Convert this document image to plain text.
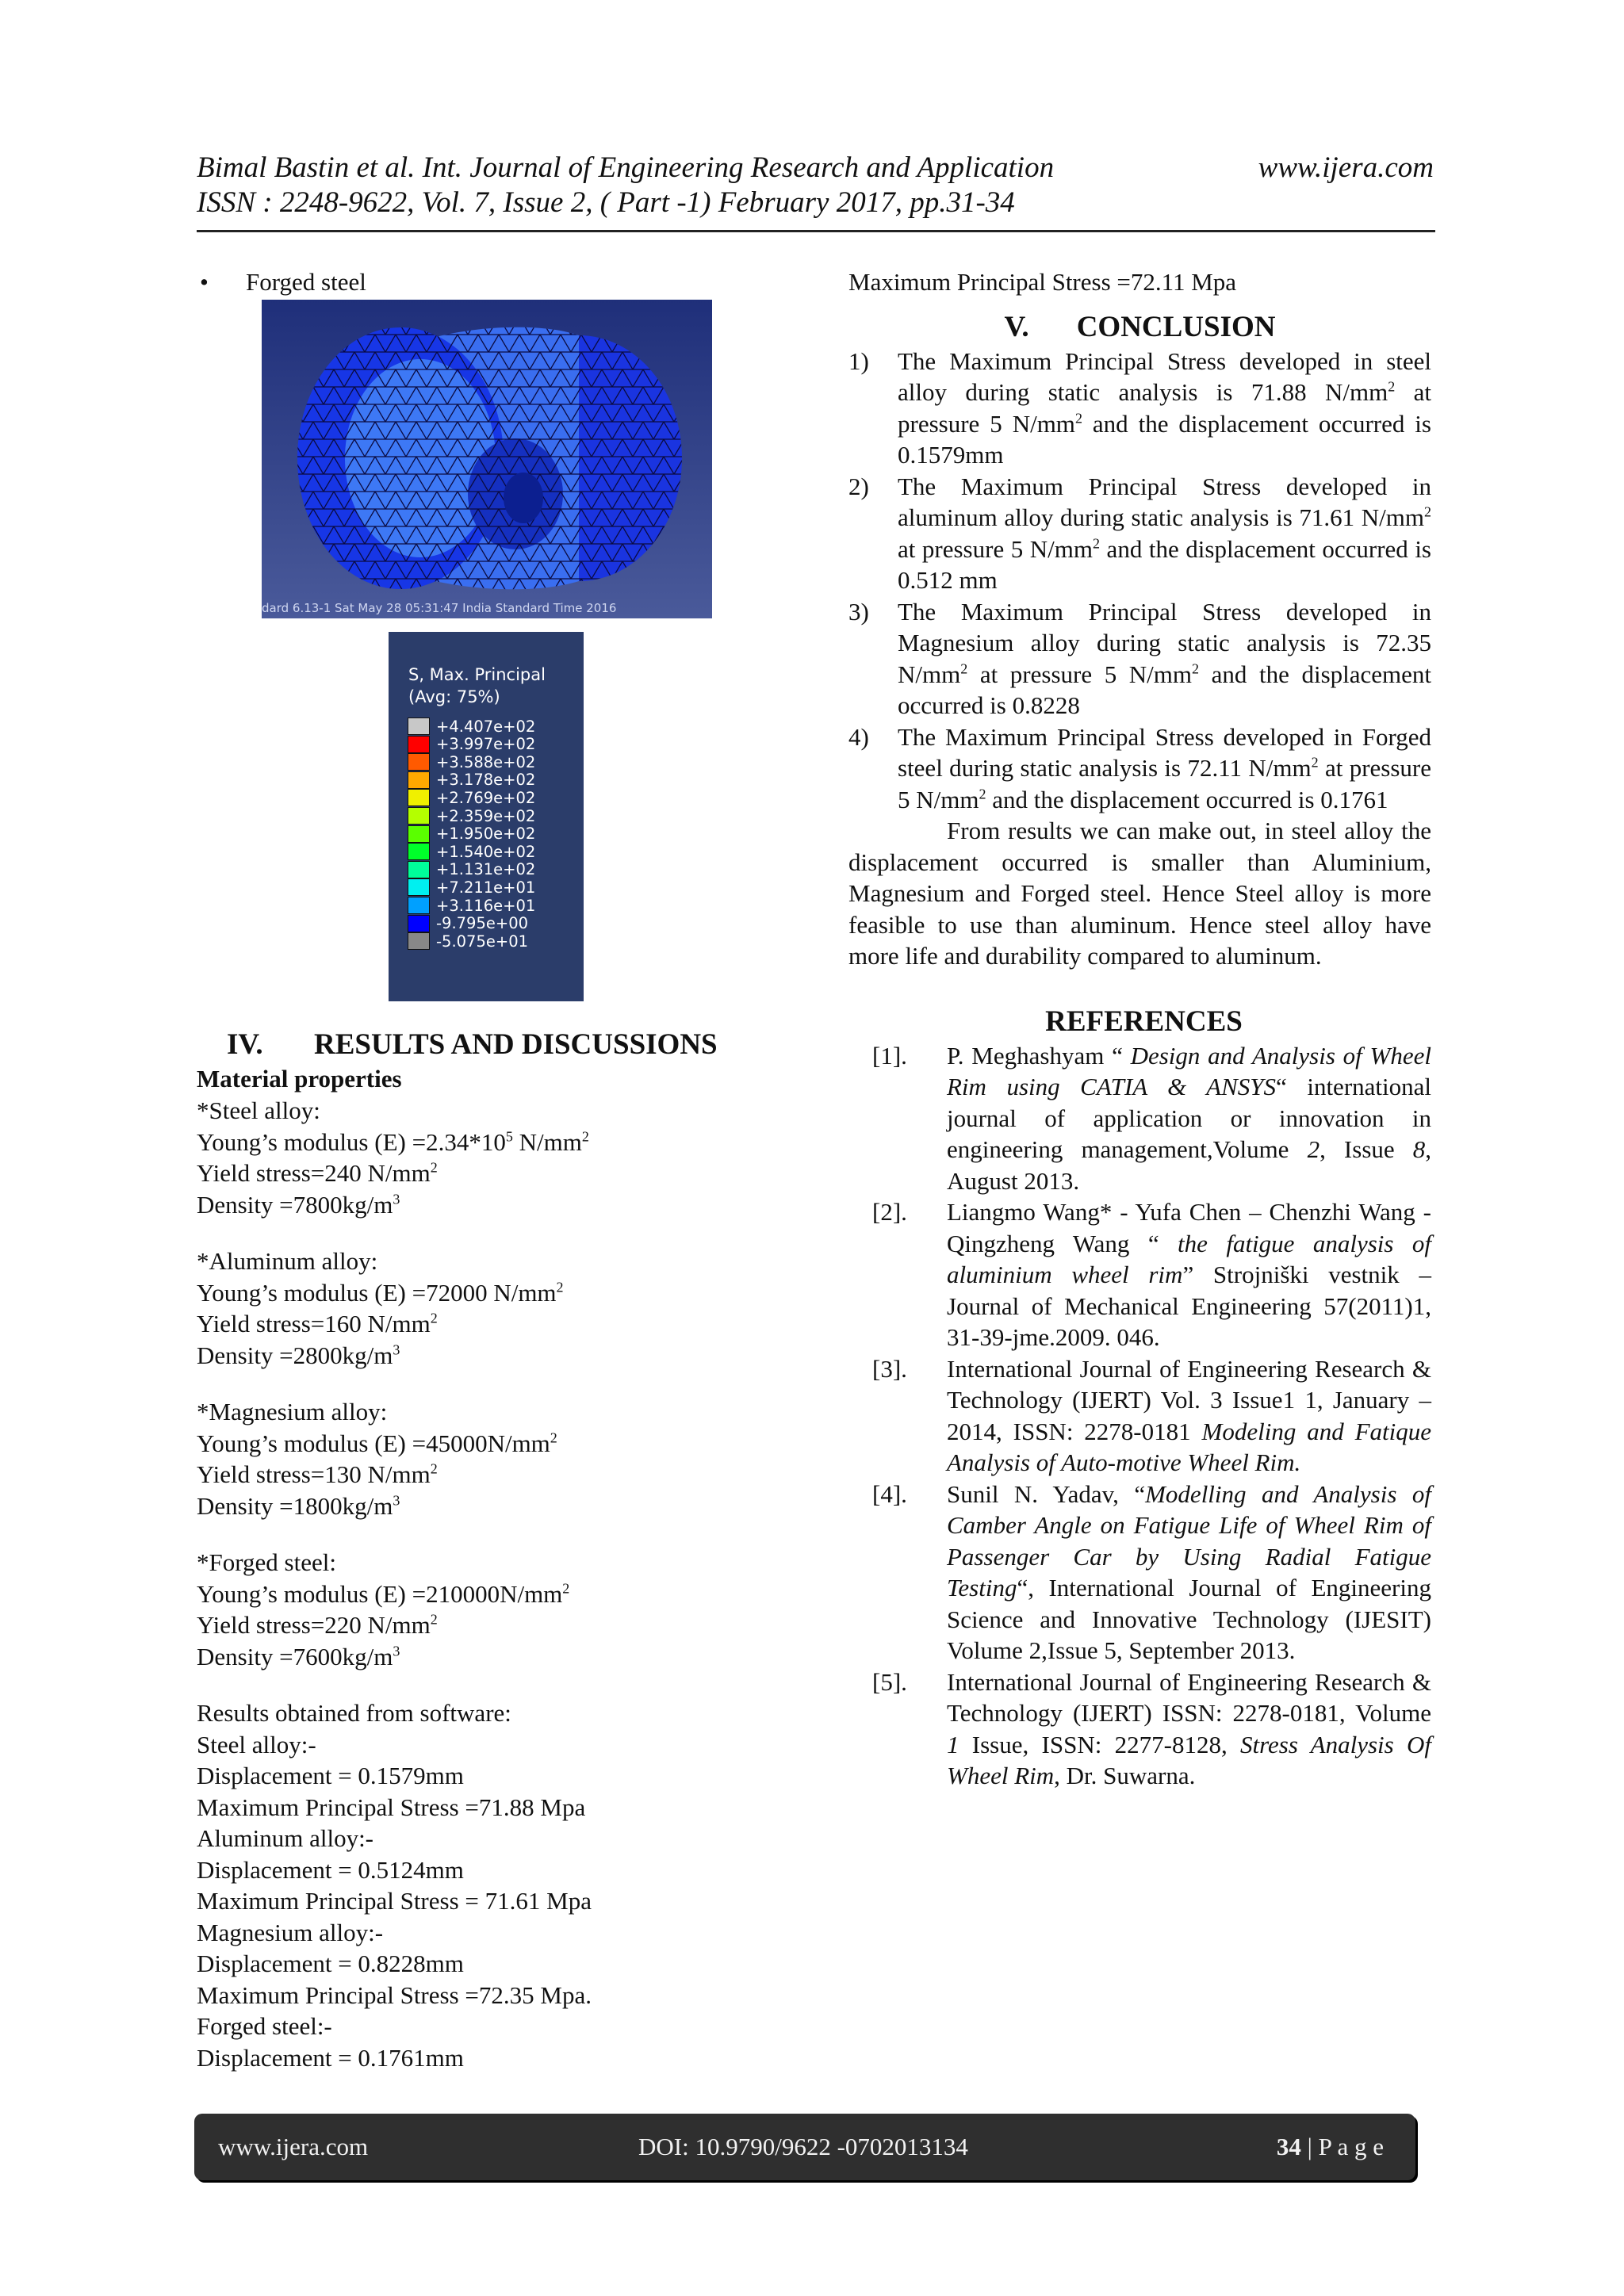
Bimal Bastin et al. Int. Journal of Engineering Research and Application	www.ijera.com
ISSN : 2248-9622, Vol. 7, Issue 2, ( Part -1) February 2017, pp.31-34
•	Forged steel
dard 6.13-1 Sat May 28 05:31:47 India Standard Time 2016
S, Max. Principal
(Avg: 75%)
+4.407e+02
+3.997e+02
+3.588e+02
+3.178e+02
+2.769e+02
+2.359e+02
+1.950e+02
+1.540e+02
+1.131e+02
+7.211e+01
+3.116e+01
-9.795e+00
-5.075e+01
IV.	RESULTS AND DISCUSSIONS
Material properties

*Steel alloy:

Young’s modulus $(E) =2.34*10^5$ $N/mm^2$

Yield stress=240 $N/mm^2$

Density $=7800kg/m^3$

*Aluminum alloy:

Young’s modulus (E) =72000 $N/mm^2$

Yield stress=160 $N/mm^2$

Density $=2800kg/m^3$

*Magnesium alloy:

Young’s modulus $(E) =45000N/mm^2$

Yield stress=130 $N/mm^2$

Density $=1800kg/m^3$

*Forged steel:

Young’s modulus $(E) =210000N/mm^2$

Yield stress=220 $N/mm^2$

Density $=7600kg/m^3$

Results obtained from software:

Steel alloy:-

Displacement = 0.1579mm

Maximum Principal Stress =71.88 Mpa

Aluminum alloy:-

Displacement = 0.5124mm

Maximum Principal Stress = 71.61 Mpa

Magnesium alloy:-

Displacement = 0.8228mm

Maximum Principal Stress =72.35 Mpa.

Forged steel:-

Displacement = 0.1761mm

Maximum Principal Stress =72.11 Mpa

V. CONCLUSION
1)	The Maximum Principal Stress developed in steel alloy during static analysis is 71.88 $N/mm^2$ at pressure 5 $N/mm^2$ and the displacement occurred is 0.1579mm
2)	The Maximum Principal Stress developed in aluminum alloy during static analysis is 71.61 $N/mm^2$ at pressure 5 $N/mm^2$ and the displacement occurred is 0.512 mm
3)	The Maximum Principal Stress developed in Magnesium alloy during static analysis is 72.35 $N/mm^2$ at pressure 5 $N/mm^2$ and the displacement occurred is 0.8228
4)	The Maximum Principal Stress developed in Forged steel during static analysis is 72.11 $N/mm^2$ at pressure 5 $N/mm^2$ and the displacement occurred is 0.1761

From results we can make out, in steel alloy the displacement occurred is smaller than Aluminium, Magnesium and Forged steel. Hence Steel alloy is more feasible to use than aluminum. Hence steel alloy have more life and durability compared to aluminum.

REFERENCES
[1].	P. Meghashyam “ Design and Analysis of Wheel Rim using CATIA & ANSYS“ international journal of application or innovation in engineering management,Volume 2, Issue 8, August 2013.
[2].	Liangmo Wang* - Yufa Chen – Chenzhi Wang - Qingzheng Wang “ the fatigue analysis of aluminium wheel rim” Strojniški vestnik – Journal of Mechanical Engineering 57(2011)1, 31-39-jme.2009. 046.
[3].	International Journal of Engineering Research & Technology (IJERT) Vol. 3 Issue1 1, January – 2014, ISSN: 2278-0181 Modeling and Fatique Analysis of Auto-motive Wheel Rim.
[4].	Sunil N. Yadav, “Modelling and Analysis of Camber Angle on Fatigue Life of Wheel Rim of Passenger Car by Using Radial Fatigue Testing“, International Journal of Engineering Science and Innovative Technology (IJESIT) Volume 2,Issue 5, September 2013.
[5].	International Journal of Engineering Research & Technology (IJERT) ISSN: 2278-0181, Volume 1 Issue, ISSN: 2277-8128, Stress Analysis Of Wheel Rim, Dr. Suwarna.
www.ijera.com	DOI: 10.9790/9622 -0702013134	34 | P a g e
